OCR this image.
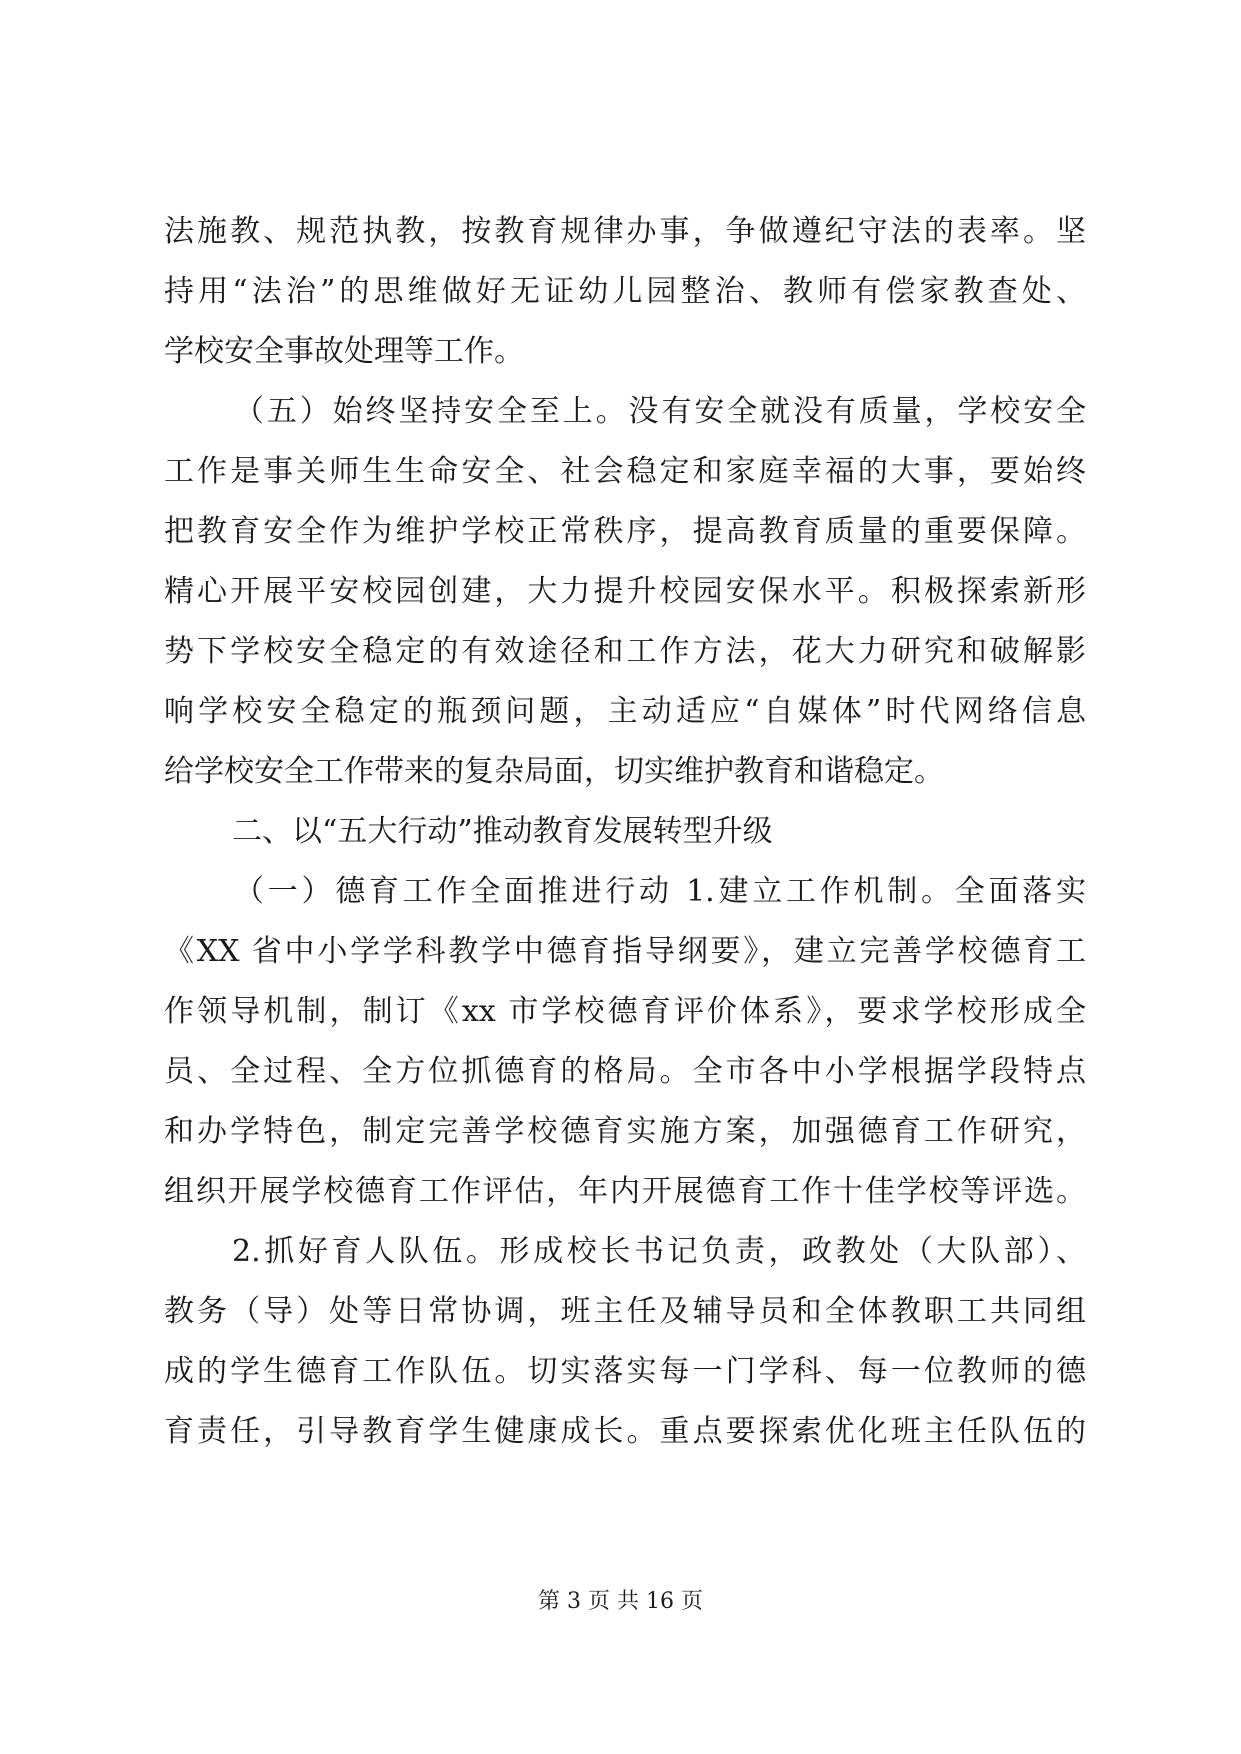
法施教、规范执教，按教育规律办事，争做遵纪守法的表率。坚

持用“法治”的思维做好无证幼儿园整治、教师有偿家教查处、

学校安全事故处理等工作。

（五）始终坚持安全至上。没有安全就没有质量，学校安全

工作是事关师生生命安全、社会稳定和家庭幸福的大事，要始终

把教育安全作为维护学校正常秩序，提高教育质量的重要保障。

精心开展平安校园创建，大力提升校园安保水平。积极探索新形

势下学校安全稳定的有效途径和工作方法，花大力研究和破解影

响学校安全稳定的瓶颈问题，主动适应“自媒体”时代网络信息

给学校安全工作带来的复杂局面，切实维护教育和谐稳定。

二、以“五大行动”推动教育发展转型升级

（一）德育工作全面推进行动 1.建立工作机制。全面落实

《XX 省中小学学科教学中德育指导纲要》，建立完善学校德育工

作领导机制，制订《xx 市学校德育评价体系》，要求学校形成全

员、全过程、全方位抓德育的格局。全市各中小学根据学段特点

和办学特色，制定完善学校德育实施方案，加强德育工作研究，

组织开展学校德育工作评估，年内开展德育工作十佳学校等评选。

2.抓好育人队伍。形成校长书记负责，政教处（大队部）、

教务（导）处等日常协调，班主任及辅导员和全体教职工共同组

成的学生德育工作队伍。切实落实每一门学科、每一位教师的德

育责任，引导教育学生健康成长。重点要探索优化班主任队伍的

第 3 页 共 16 页
